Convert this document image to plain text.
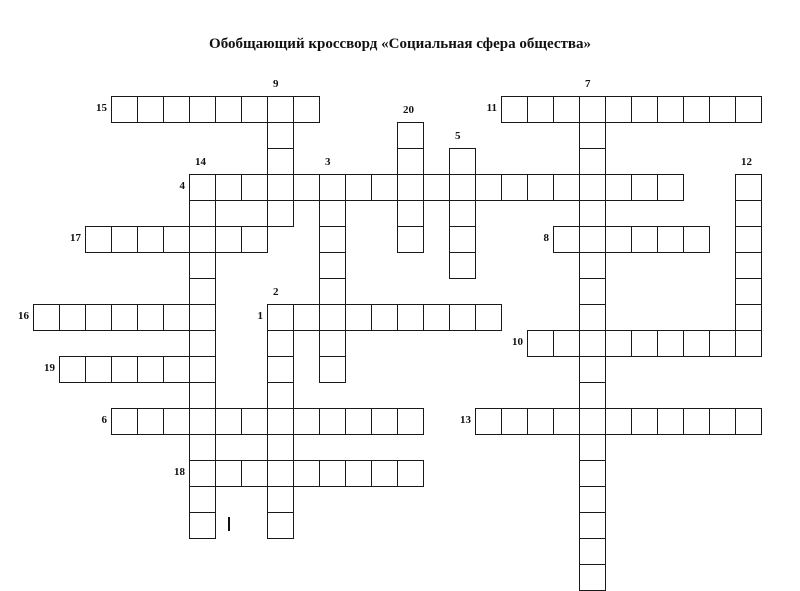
Обобщающий кроссворд «Социальная сфера общества»
1
2
3
4
5
6
7
8
9
10
11
12
13
14
15
16
17
18
19
20
